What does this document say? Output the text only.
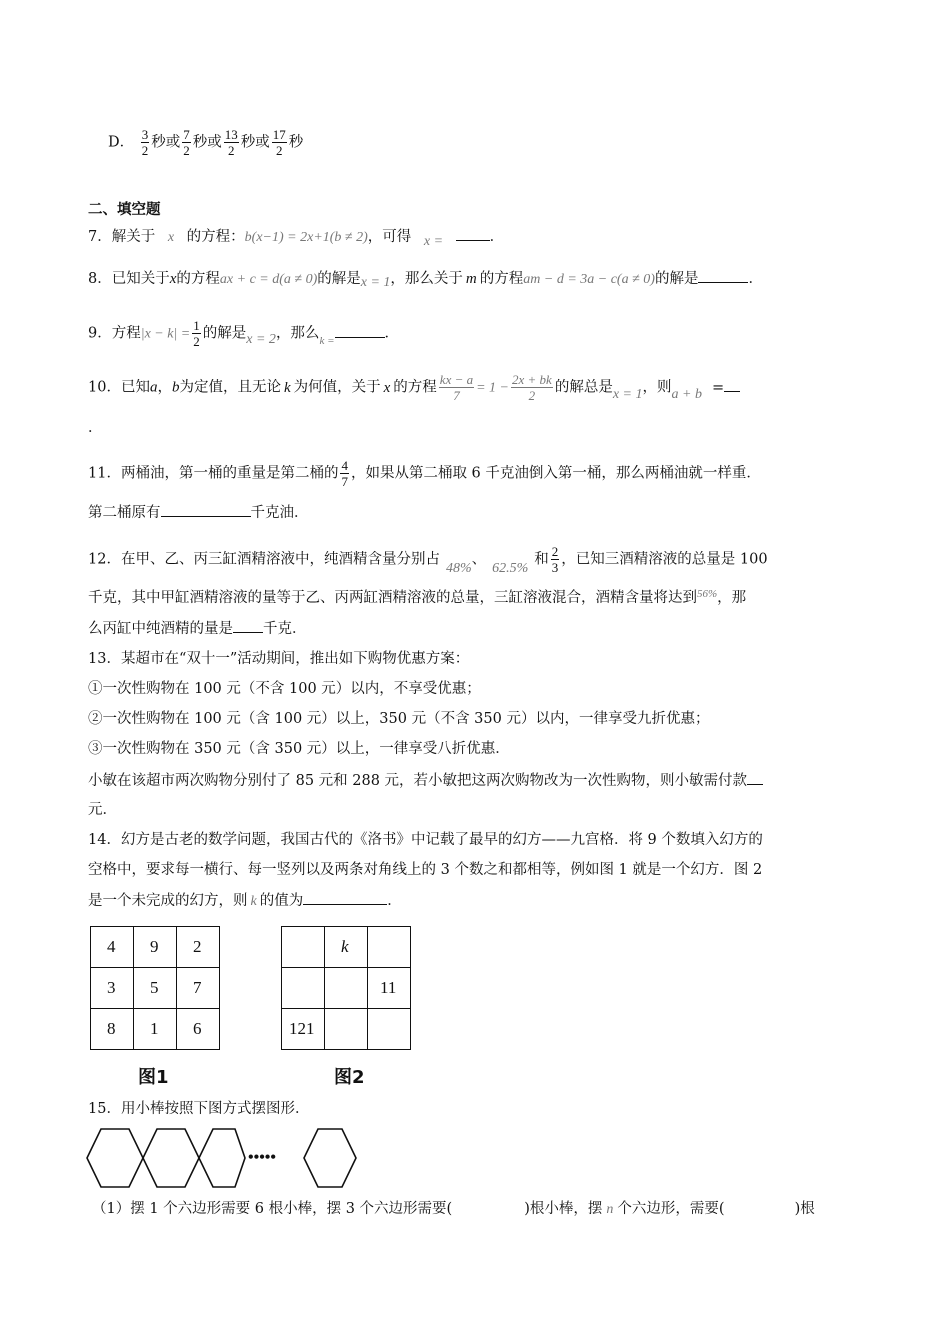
D． $\frac{3}{2}$ 秒或 $\frac{7}{2}$ 秒或 $\frac{13}{2}$ 秒或 $\frac{17}{2}$ 秒
二、填空题
7．解关于 x 的方程：b(x−1) = 2x+1(b ≠ 2)，可得 x =	．
8．已知关于x的方程ax + c = d(a ≠ 0)的解是x = 1，那么关于 m 的方程am − d = 3a − c(a ≠ 0)的解是	．
9．方程$|x - k| = \frac{1}{2}$ 的解是x = 2，那么$_{k =}$	．
10．已知a，b为定值，且无论 k 为何值，关于 x 的方程 $\frac{kx - a}{7} = 1 - \frac{2x + bk}{2}$ 的解总是x = 1，则a + b =
．
11．两桶油，第一桶的重量是第二桶的 $\frac{4}{7}$ ，如果从第二桶取 6 千克油倒入第一桶，那么两桶油就一样重．
第二桶原有	千克油．
12．在甲、乙、丙三缸酒精溶液中，纯酒精含量分别占48%、62.5%和 $\frac{2}{3}$ ，已知三酒精溶液的总量是 100
千克，其中甲缸酒精溶液的量等于乙、丙两缸酒精溶液的总量，三缸溶液混合，酒精含量将达到$^{56\%}$，那
么丙缸中纯酒精的量是 千克．
13．某超市在“双十一”活动期间，推出如下购物优惠方案：
①一次性购物在 100 元（不含 100 元）以内，不享受优惠；
②一次性购物在 100 元（含 100 元）以上，350 元（不含 350 元）以内，一律享受九折优惠；
③一次性购物在 350 元（含 350 元）以上，一律享受八折优惠．
小敏在该超市两次购物分别付了 85 元和 288 元，若小敏把这两次购物改为一次性购物，则小敏需付款
元．
14．幻方是古老的数学问题，我国古代的《洛书》中记载了最早的幻方——九宫格．将 9 个数填入幻方的
空格中，要求每一横行、每一竖列以及两条对角线上的 3 个数之和都相等，例如图 1 就是一个幻方．图 2
是一个未完成的幻方，则 k 的值为	．
4	9	2
3	5	7
8	1	6
图1
	k	
		11
121		
图2
15．用小棒按照下图方式摆图形．
•••••
（1）摆 1 个六边形需要 6 根小棒，摆 3 个六边形需要(	)根小棒，摆 n 个六边形，需要(	)根
